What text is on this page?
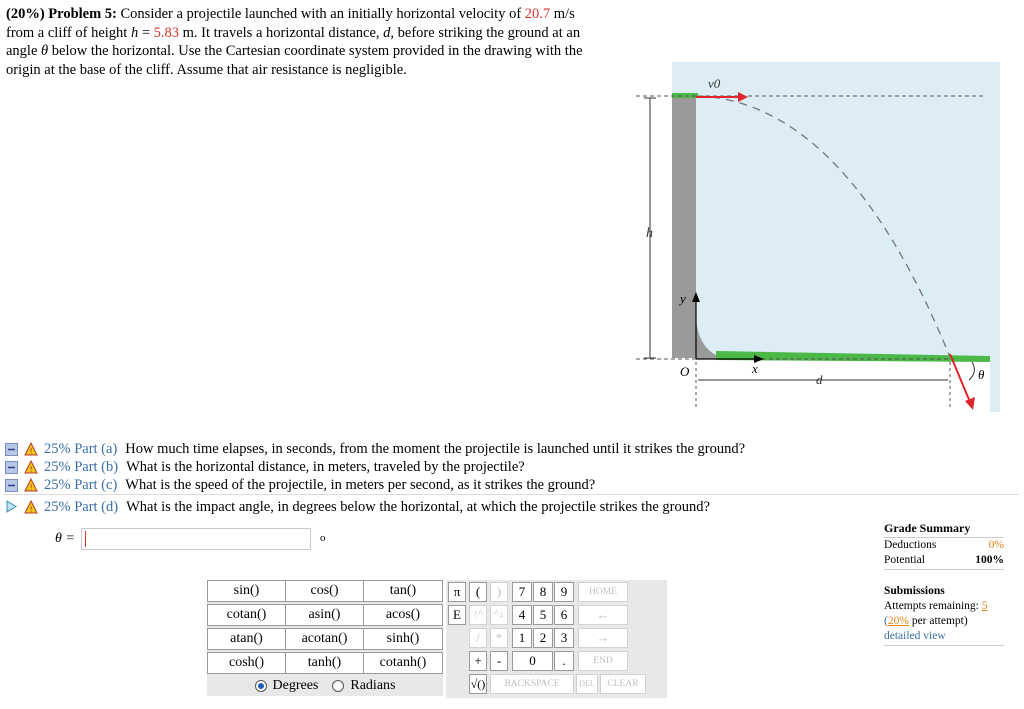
(20%) Problem 5: Consider a projectile launched with an initially horizontal velocity of 20.7 m/s from a cliff of height h = 5.83 m. It travels a horizontal distance, d, before striking the ground at an angle θ below the horizontal. Use the Cartesian coordinate system provided in the drawing with the origin at the base of the cliff. Assume that air resistance is negligible.
h
v0
y
x
O
d	θ
! 25% Part (a) How much time elapses, in seconds, from the moment the projectile is launched until it strikes the ground?
! 25% Part (b) What is the horizontal distance, in meters, traveled by the projectile?
! 25% Part (c) What is the speed of the projectile, in meters per second, as it strikes the ground?
! 25% Part (d) What is the impact angle, in degrees below the horizontal, at which the projectile strikes the ground?
θ =	o
sin()	cos()	tan()
cotan()	asin()	acos()
atan()	acotan()	sinh()
cosh()	tanh()	cotanh()
Degrees Radians
π	(	)	7	8	9	HOME
E	↑^	^↓	4	5	6	←
/	*	1	2	3	→
+	-	0	.	END
√()	BACKSPACE	DEL	CLEAR
Grade Summary
Deductions	0%
Potential	100%
Submissions
Attempts remaining: 5
(20% per attempt)
detailed view
